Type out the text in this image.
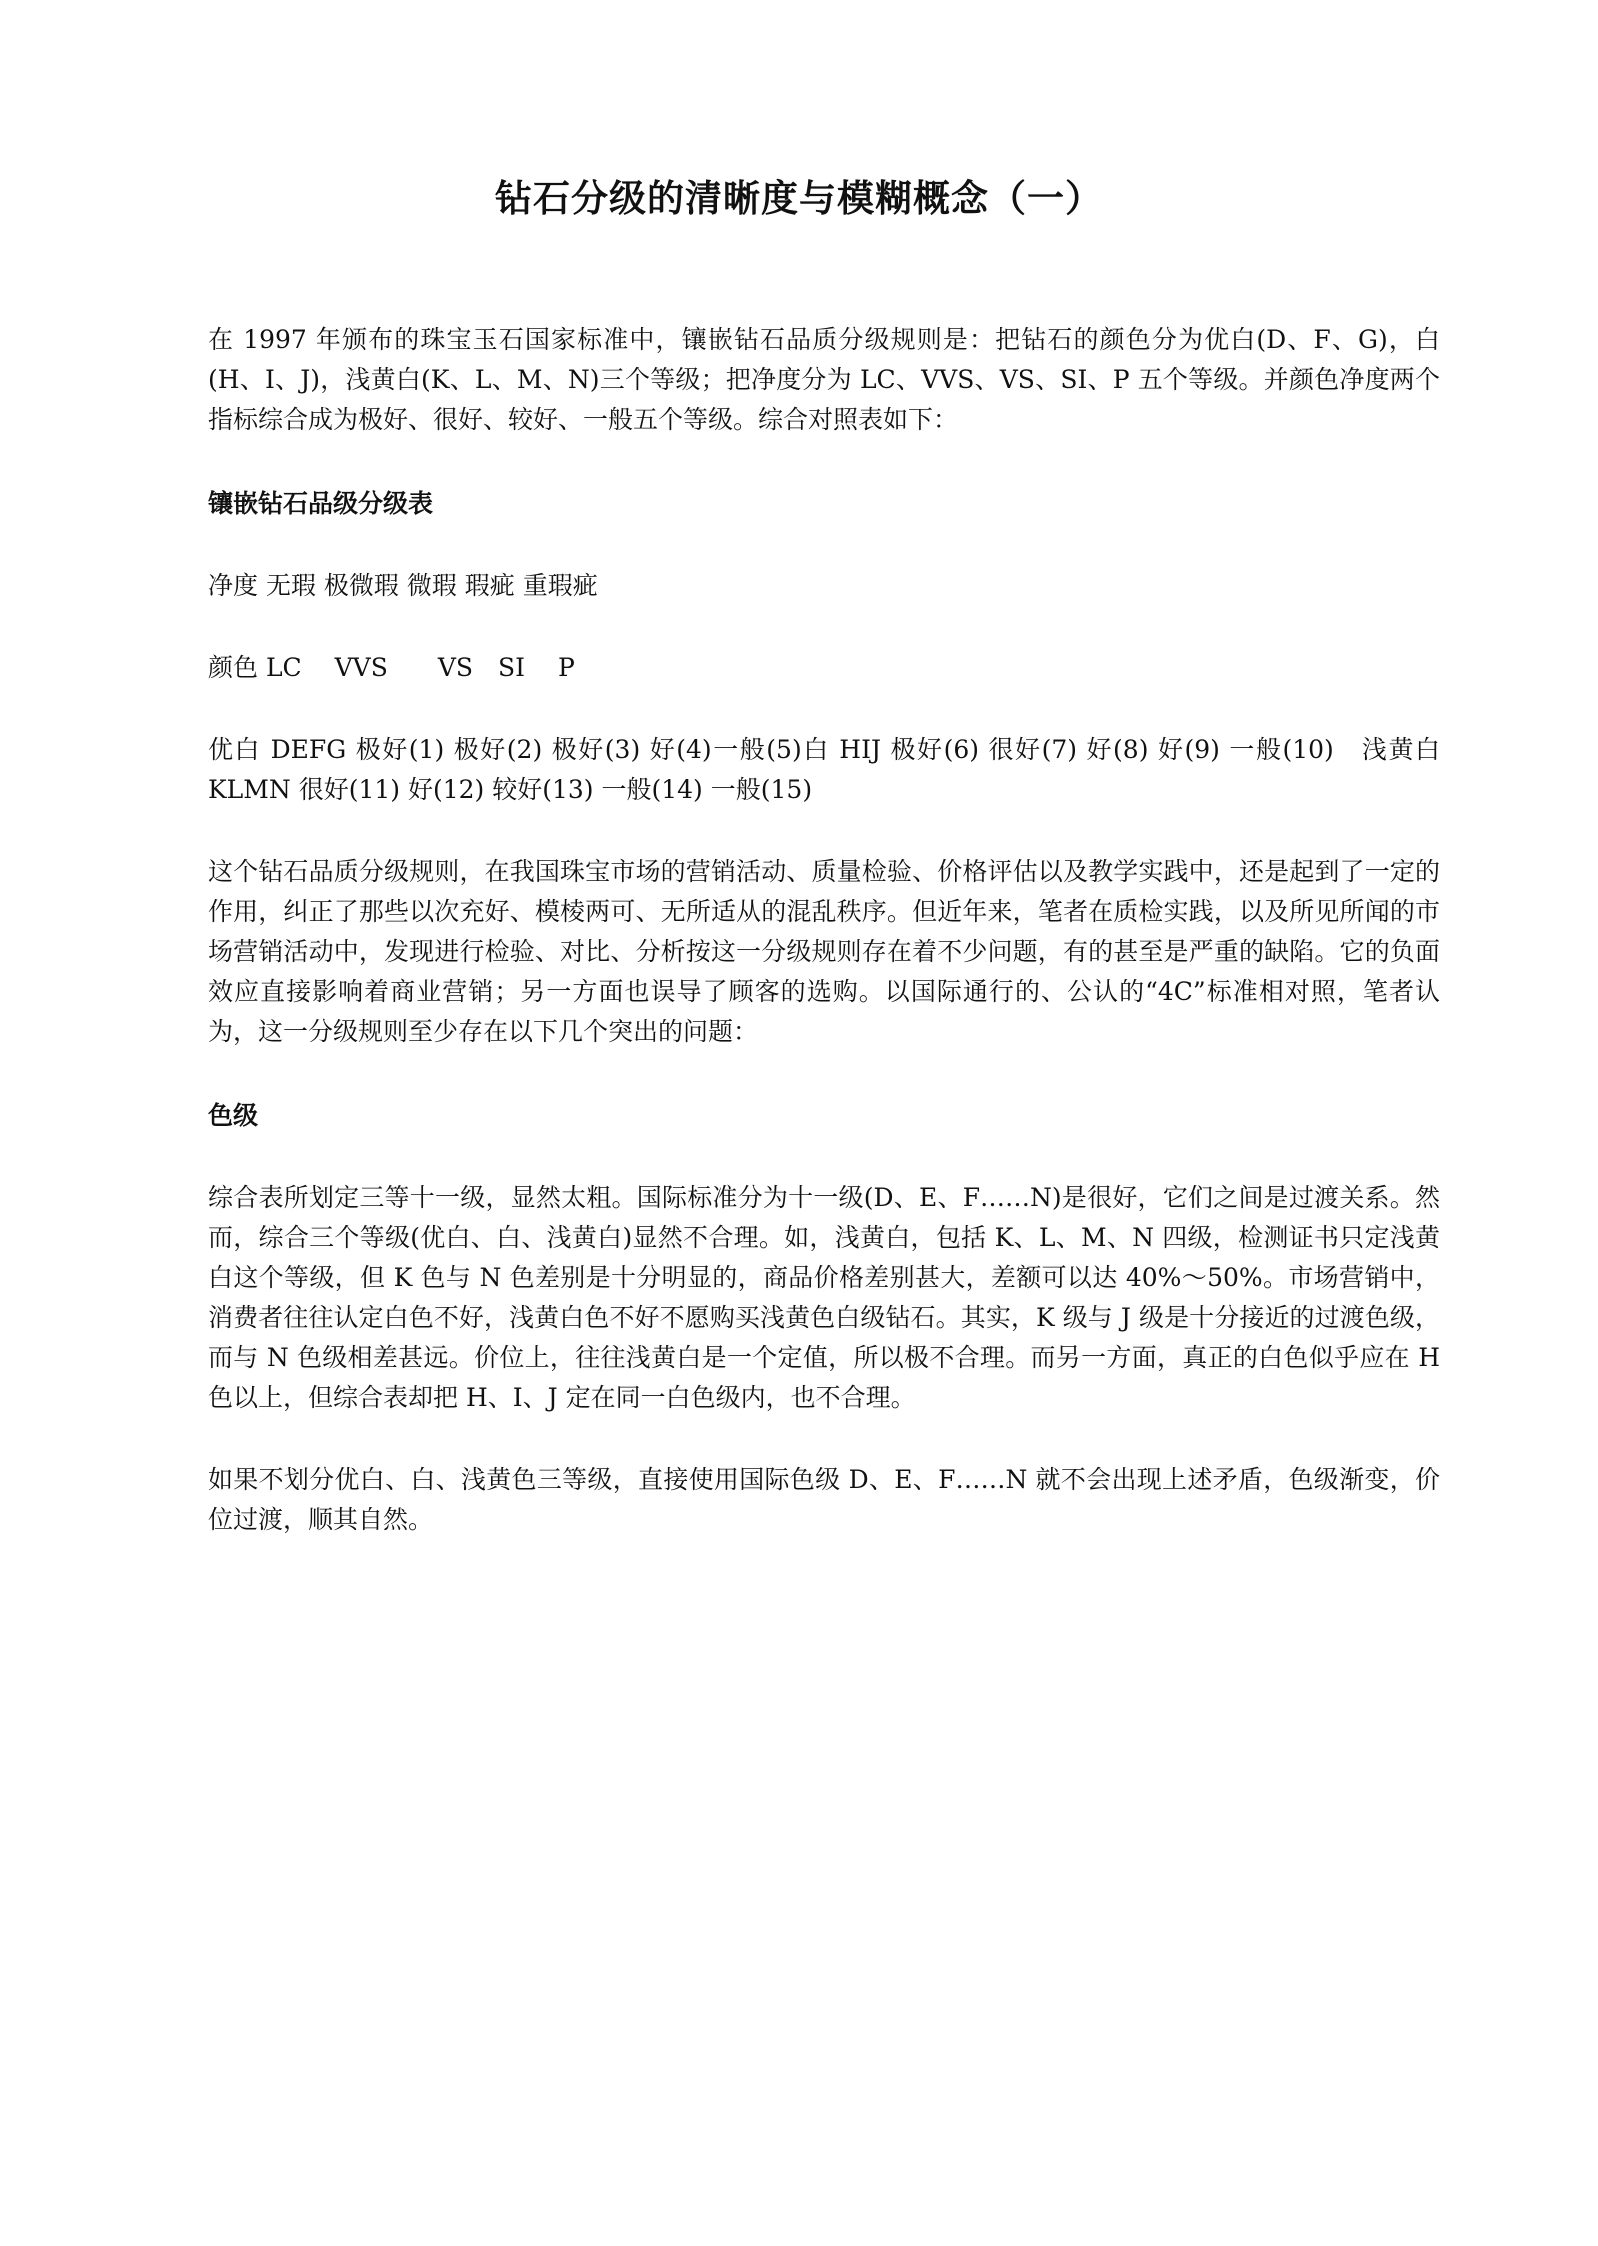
钻石分级的清晰度与模糊概念（一）

在 1997 年颁布的珠宝玉石国家标准中，镶嵌钻石品质分级规则是：把钻石的颜色分为优白(D、F、G)，白(H、I、J)，浅黄白(K、L、M、N)三个等级；把净度分为 LC、VVS、VS、SI、P 五个等级。并颜色净度两个指标综合成为极好、很好、较好、一般五个等级。综合对照表如下：

镶嵌钻石品级分级表

净度 无瑕 极微瑕 微瑕 瑕疵 重瑕疵

颜色 LC　 VVS　　VS　SI　 P

优白 DEFG 极好(1) 极好(2) 极好(3) 好(4)一般(5)白 HIJ 极好(6) 很好(7) 好(8) 好(9) 一般(10)　浅黄白 KLMN 很好(11) 好(12) 较好(13) 一般(14) 一般(15)

这个钻石品质分级规则，在我国珠宝市场的营销活动、质量检验、价格评估以及教学实践中，还是起到了一定的作用，纠正了那些以次充好、模棱两可、无所适从的混乱秩序。但近年来，笔者在质检实践，以及所见所闻的市场营销活动中，发现进行检验、对比、分析按这一分级规则存在着不少问题，有的甚至是严重的缺陷。它的负面效应直接影响着商业营销；另一方面也误导了顾客的选购。以国际通行的、公认的“4C”标准相对照，笔者认为，这一分级规则至少存在以下几个突出的问题：

色级

综合表所划定三等十一级，显然太粗。国际标准分为十一级(D、E、F……N)是很好，它们之间是过渡关系。然而，综合三个等级(优白、白、浅黄白)显然不合理。如，浅黄白，包括 K、L、M、N 四级，检测证书只定浅黄白这个等级，但 K 色与 N 色差别是十分明显的，商品价格差别甚大，差额可以达 40%～50%。市场营销中，消费者往往认定白色不好，浅黄白色不好不愿购买浅黄色白级钻石。其实，K 级与 J 级是十分接近的过渡色级，而与 N 色级相差甚远。价位上，往往浅黄白是一个定值，所以极不合理。而另一方面，真正的白色似乎应在 H 色以上，但综合表却把 H、I、J 定在同一白色级内，也不合理。

如果不划分优白、白、浅黄色三等级，直接使用国际色级 D、E、F……N 就不会出现上述矛盾，色级渐变，价位过渡，顺其自然。
